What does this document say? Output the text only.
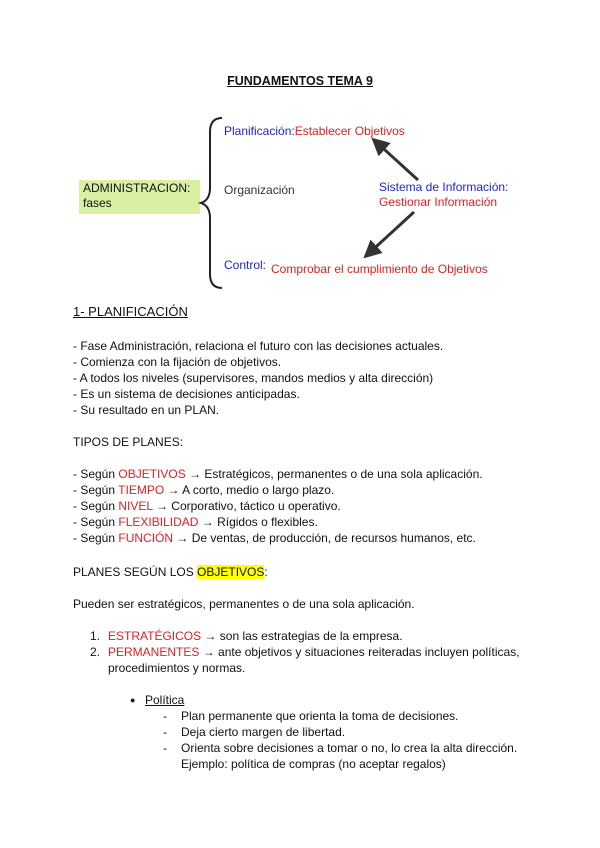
FUNDAMENTOS TEMA 9
ADMINISTRACION:
fases
Planificación:Establecer Objetivos
Organización	Sistema de Información:
Gestionar Información
Control: Comprobar el cumplimiento de Objetivos
1- PLANIFICACIÓN
- Fase Administración, relaciona el futuro con las decisiones actuales.
- Comienza con la fijación de objetivos.
- A todos los niveles (supervisores, mandos medios y alta dirección)
- Es un sistema de decisiones anticipadas.
- Su resultado en un PLAN.
TIPOS DE PLANES:
- Según OBJETIVOS → Estratégicos, permanentes o de una sola aplicación.
- Según TIEMPO → A corto, medio o largo plazo.
- Según NIVEL → Corporativo, táctico u operativo.
- Según FLEXIBILIDAD → Rígidos o flexibles.
- Según FUNCIÓN → De ventas, de producción, de recursos humanos, etc.
PLANES SEGÚN LOS OBJETIVOS:
Pueden ser estratégicos, permanentes o de una sola aplicación.
1. ESTRATÉGICOS → son las estrategias de la empresa.
2. PERMANENTES → ante objetivos y situaciones reiteradas incluyen políticas,
procedimientos y normas.
● Política
- Plan permanente que orienta la toma de decisiones.
- Deja cierto margen de libertad.
- Orienta sobre decisiones a tomar o no, lo crea la alta dirección.
Ejemplo: política de compras (no aceptar regalos)
